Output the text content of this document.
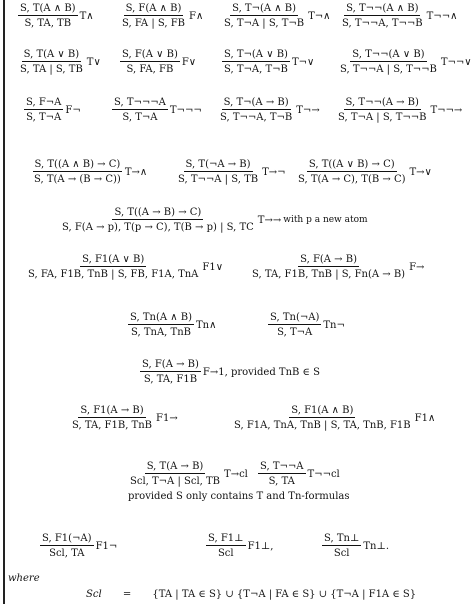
$\frac{S, T(A \wedge B)}{S, TA, TB}$ T∧	$\frac{S, F(A \wedge B)}{S, FA | S, FB}$ F∧ $\frac{S, T\neg(A \wedge B)}{S, T\neg A | S, T\neg B}$ T¬∧ $\frac{S, T\neg\neg(A \wedge B)}{S, T\neg\neg A, T\neg\neg B}$ T¬¬∧
$\frac{S, T(A \vee B)}{S, TA | S, TB}$ T∨ $\frac{S, F(A \vee B)}{S, FA, FB}$ F∨	$\frac{S, T\neg(A \vee B)}{S, T\neg A, T\neg B}$ T¬∨ $\frac{S, T\neg\neg(A \vee B)}{S, T\neg\neg A | S, T\neg\neg B}$ T¬¬∨
$\frac{S, F\neg A}{S, T\neg A}$ F¬	$\frac{S, T\neg\neg\neg A}{S, T\neg A}$ T¬¬¬ $\frac{S, T\neg(A \to B)}{S, T\neg\neg A, T\neg B}$ T¬→ $\frac{S, T\neg\neg(A \to B)}{S, T\neg A | S, T\neg\neg B}$ T¬¬→
$\frac{S, T((A \wedge B) \to C)}{S, T(A \to (B \to C))}$ T→∧	$\frac{S, T(\neg A \to B)}{S, T\neg\neg A | S, TB}$ T→¬ $\frac{S, T((A \vee B) \to C)}{S, T(A \to C), T(B \to C)}$ T→∨
$\frac{S, T((A \to B) \to C)}{S, F(A \to p), T(p \to C), T(B \to p) | S, TC} T\to\to$ with p a new atom
$\frac{S, F1(A \vee B)}{\text{S, FA, F1B, TnB | S, FB, F1A, TnA}}$ F1∨	$\frac{S, F(A \to B)}{\text{S, TA, F1B, TnB | S, Fn(A → B)}} F\to$
$\frac{S, Tn(A \wedge B)}{\text{S, TnA, TnB}}$ Tn∧	$\frac{S, Tn(\neg A)}{S, T\neg A}$ Tn¬
$\frac{S, F(A \to B)}{S, TA, F1B} F\to 1$ , provided TnB ∈ S
$\frac{S, F1(A \to B)}{\text{S, TA, F1B, TnB}} F1\to$	$\frac{S, F1(A \wedge B)}{\text{S, F1A, TnA, TnB | S, TA, TnB, F1B}}$ F1∧
$\frac{S, T(A \to B)}{\text{Scl, T¬A | Scl, TB}} T\to cl \frac{S, T\neg\neg A}{S, TA}$ T¬¬cl
provided S only contains T and Tn-formulas
$\frac{S, F1(\neg A)}{\text{Scl, TA}}$ F1¬	$\frac{S, F1\perp}{\text{Scl}}$ F1⊥,	$\frac{S, Tn\perp}{\text{Scl}}$ Tn⊥.
where
Scl = {TA | TA ∈ S} ∪ {T¬A | FA ∈ S} ∪ {T¬A | F1A ∈ S}
